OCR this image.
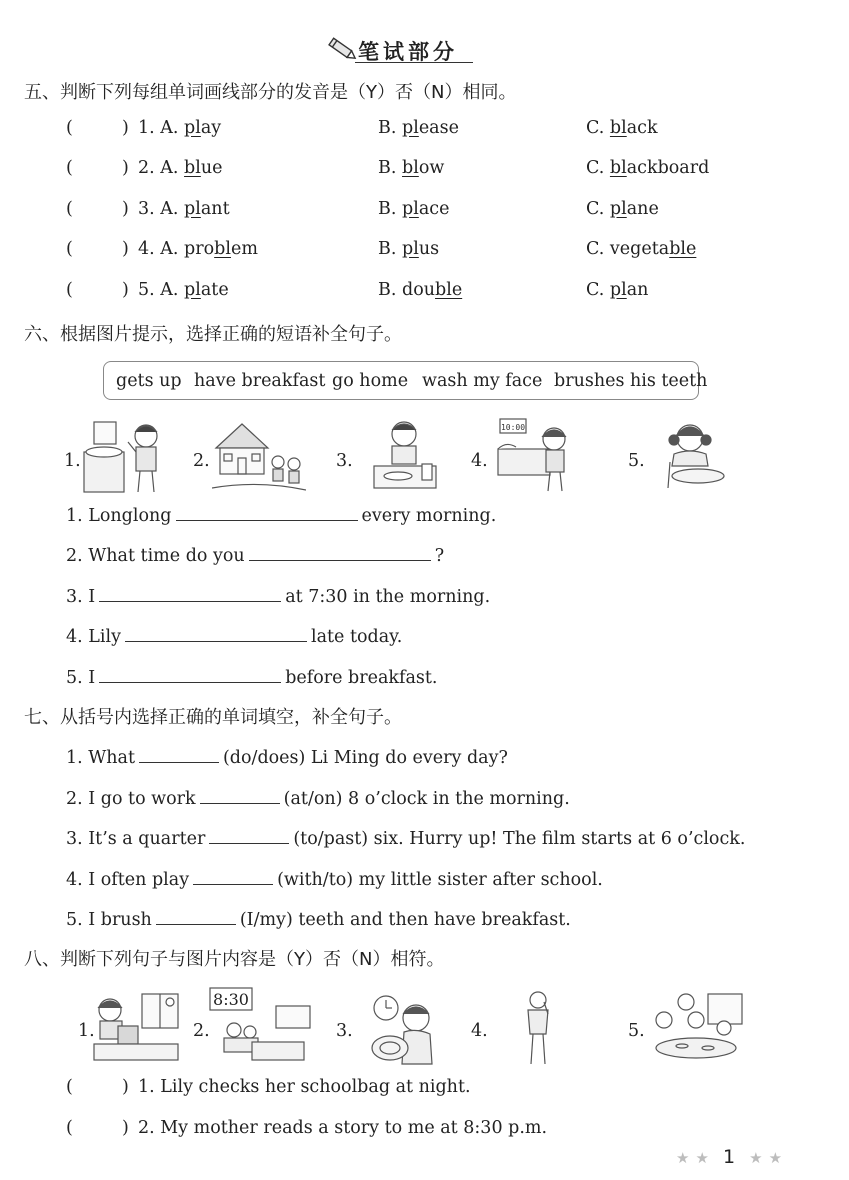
笔试部分
五、判断下列每组单词画线部分的发音是（Y）否（N）相同。
(	) 1. A. play	B. please	C. black
(	) 2. A. blue	B. blow	C. blackboard
(	) 3. A. plant	B. place	C. plane
(	) 4. A. problem	B. plus	C. vegetable
(	) 5. A. plate	B. double	C. plan
六、根据图片提示，选择正确的短语补全句子。
gets up have breakfast go home wash my face brushes his teeth
1.	2.	3.	4.
10:00
5.
1. Longlong	every morning.
2. What time do you	?
3. I	at 7:30 in the morning.
4. Lily	late today.
5. I	before breakfast.
七、从括号内选择正确的单词填空，补全句子。
1. What	(do/does) Li Ming do every day?
2. I go to work	(at/on) 8 o’clock in the morning.
3. It’s a quarter	(to/past) six. Hurry up! The film starts at 6 o’clock.
4. I often play	(with/to) my little sister after school.
5. I brush	(I/my) teeth and then have breakfast.
八、判断下列句子与图片内容是（Y）否（N）相符。
1.	2.
8:30
3.	4.	5.
(	) 1. Lily checks her schoolbag at night.
(	) 2. My mother reads a story to me at 8:30 p.m.
★ ★ 1 ★ ★
